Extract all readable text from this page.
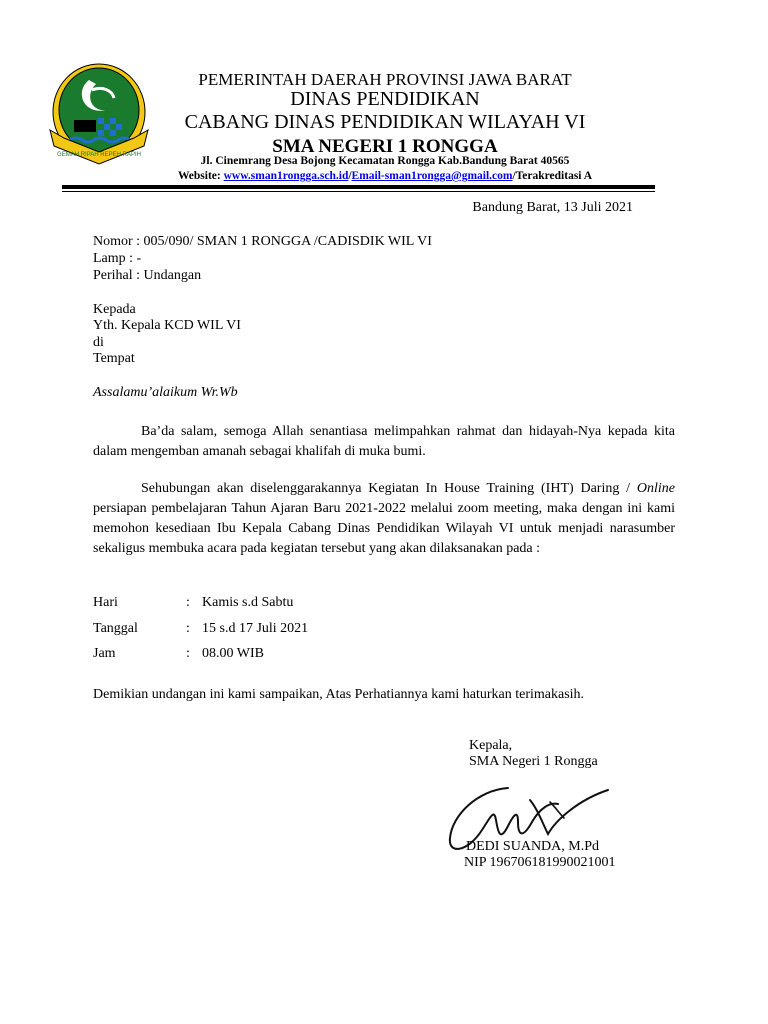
GEMAH RIPAH REPEH RAPIH
PEMERINTAH DAERAH PROVINSI JAWA BARAT
DINAS PENDIDIKAN
CABANG DINAS PENDIDIKAN WILAYAH VI
SMA NEGERI 1 RONGGA
Jl. Cinemrang Desa Bojong Kecamatan Rongga Kab.Bandung Barat 40565
Website: www.sman1rongga.sch.id/Email-sman1rongga@gmail.com/Terakreditasi A
Bandung Barat, 13 Juli 2021
Nomor : 005/090/ SMAN 1 RONGGA /CADISDIK WIL VI
Lamp : -
Perihal : Undangan
Kepada
Yth. Kepala KCD WIL VI
di
Tempat
Assalamu’alaikum Wr.Wb
Ba’da salam, semoga Allah senantiasa melimpahkan rahmat dan hidayah-Nya kepada kita dalam mengemban amanah sebagai khalifah di muka bumi.
Sehubungan akan diselenggarakannya Kegiatan In House Training (IHT) Daring / Online persiapan pembelajaran Tahun Ajaran Baru 2021-2022 melalui zoom meeting, maka dengan ini kami memohon kesediaan Ibu Kepala Cabang Dinas Pendidikan Wilayah VI untuk menjadi narasumber sekaligus membuka acara pada kegiatan tersebut yang akan dilaksanakan pada :
Hari	: Kamis s.d Sabtu
Tanggal	: 15 s.d 17 Juli 2021
Jam	: 08.00 WIB
Demikian undangan ini kami sampaikan, Atas Perhatiannya kami haturkan terimakasih.
Kepala,
SMA Negeri 1 Rongga
DEDI SUANDA, M.Pd
NIP 196706181990021001
